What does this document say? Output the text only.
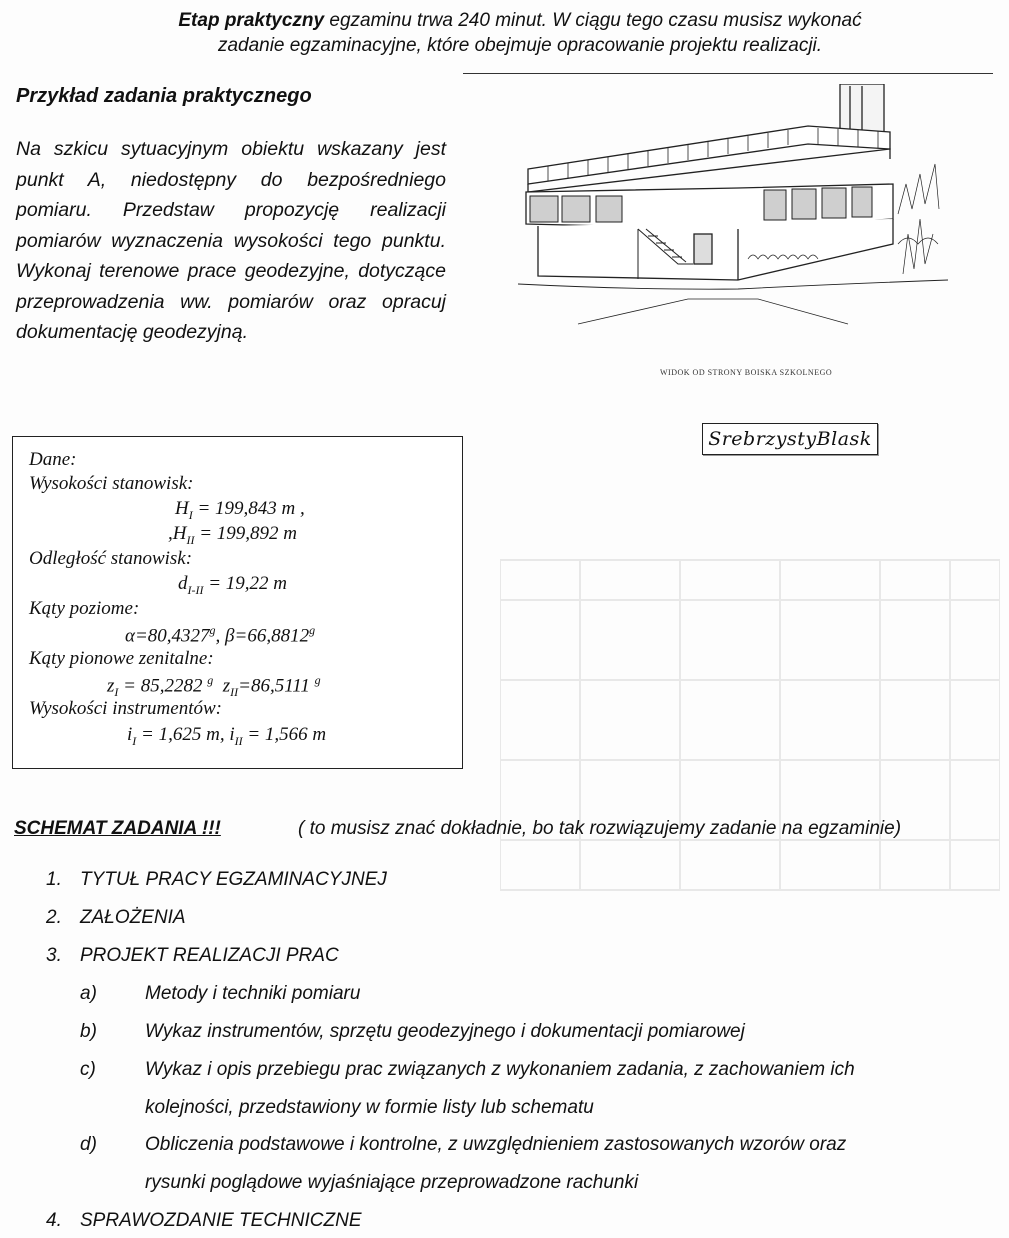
Etap praktyczny egzaminu trwa 240 minut. W ciągu tego czasu musisz wykonać
zadanie egzaminacyjne, które obejmuje opracowanie projektu realizacji.
Przykład zadania praktycznego
Na szkicu sytuacyjnym obiektu wskazany jest punkt A, niedostępny do bezpośredniego pomiaru. Przedstaw propozycję realizacji pomiarów wyznaczenia wysokości tego punktu. Wykonaj terenowe prace geodezyjne, dotyczące przeprowadzenia ww. pomiarów oraz opracuj dokumentację geodezyjną.
WIDOK OD STRONY BOISKA SZKOLNEGO
SrebrzystyBlask
Dane:
Wysokości stanowisk:
$H_I = 199,843$ m ,
$,H_{II} = 199,892$ m
Odległość stanowisk:
$d_{I-II} = 19,22$ m
Kąty poziome:
α=80,4327$^g$, β=66,8812$^g$
Kąty pionowe zenitalne:
$z_I = 85,2282$ $^g$ $z_{II}=86,5111$ $^g$
Wysokości instrumentów:
$i_I = 1,625$ m, $i_{II} = 1,566$ m
SCHEMAT ZADANIA !!!	( to musisz znać dokładnie, bo tak rozwiązujemy zadanie na egzaminie)
1. TYTUŁ PRACY EGZAMINACYJNEJ
2. ZAŁOŻENIA
3. PROJEKT REALIZACJI PRAC
a)	Metody i techniki pomiaru
b)	Wykaz instrumentów, sprzętu geodezyjnego i dokumentacji pomiarowej
c)	Wykaz i opis przebiegu prac związanych z wykonaniem zadania, z zachowaniem ich
kolejności, przedstawiony w formie listy lub schematu
d)	Obliczenia podstawowe i kontrolne, z uwzględnieniem zastosowanych wzorów oraz
rysunki poglądowe wyjaśniające przeprowadzone rachunki
4. SPRAWOZDANIE TECHNICZNE
